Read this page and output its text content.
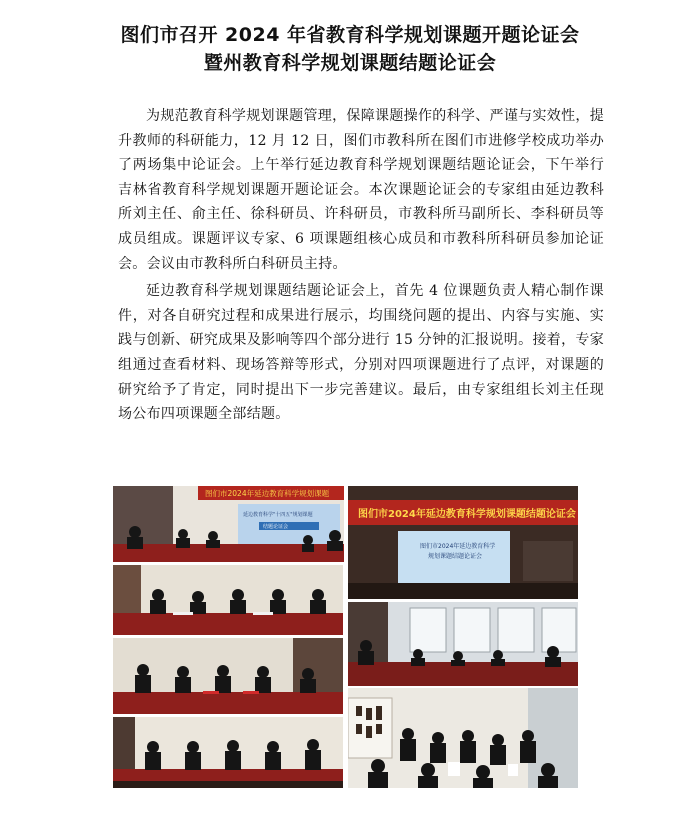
图们市召开 2024 年省教育科学规划课题开题论证会
暨州教育科学规划课题结题论证会

为规范教育科学规划课题管理，保障课题操作的科学、严谨与实效性，提升教师的科研能力，12 月 12 日，图们市教科所在图们市进修学校成功举办了两场集中论证会。上午举行延边教育科学规划课题结题论证会，下午举行吉林省教育科学规划课题开题论证会。本次课题论证会的专家组由延边教科所刘主任、俞主任、徐科研员、许科研员，市教科所马副所长、李科研员等成员组成。课题评议专家、6 项课题组核心成员和市教科所科研员参加论证会。会议由市教科所白科研员主持。

延边教育科学规划课题结题论证会上，首先 4 位课题负责人精心制作课件，对各自研究过程和成果进行展示，均围绕问题的提出、内容与实施、实践与创新、研究成果及影响等四个部分进行 15 分钟的汇报说明。接着，专家组通过查看材料、现场答辩等形式，分别对四项课题进行了点评，对课题的研究给予了肯定，同时提出下一步完善建议。最后，由专家组组长刘主任现场公布四项课题全部结题。

图们市2024年延边教育科学规划课题
延边教育科学"十四五"规划课题
结题论证会
图们市2024年延边教育科学规划课题结题论证会
图们市2024年延边教育科学
规划课题结题论证会
